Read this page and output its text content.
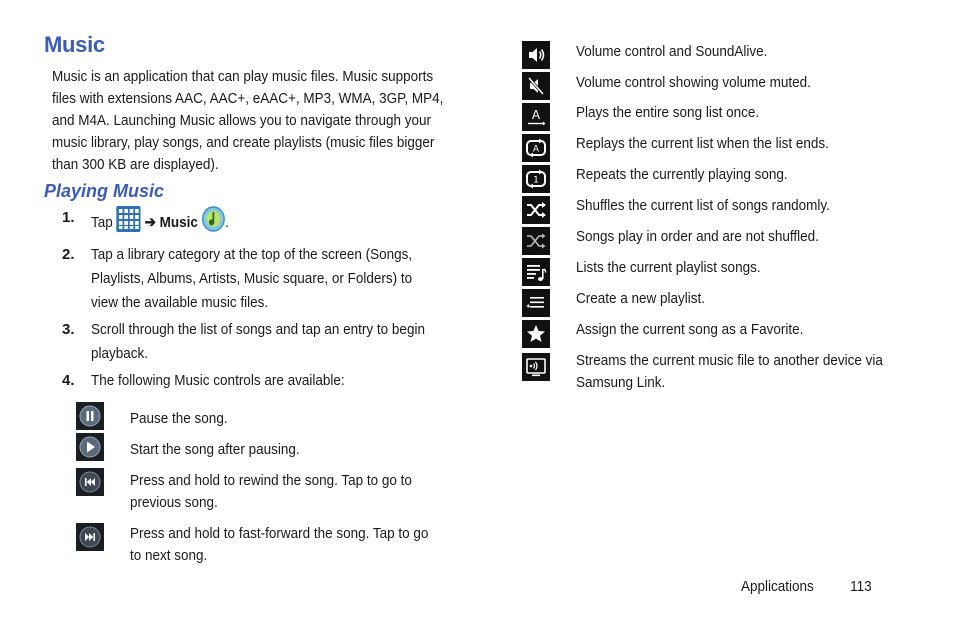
Music
Music is an application that can play music files. Music supports files with extensions AAC, AAC+, eAAC+, MP3, WMA, 3GP, MP4, and M4A. Launching Music allows you to navigate through your music library, play songs, and create playlists (music files bigger than 300 KB are displayed).
Playing Music
1. Tap ➔ Music .
2. Tap a library category at the top of the screen (Songs, Playlists, Albums, Artists, Music square, or Folders) to view the available music files.
3. Scroll through the list of songs and tap an entry to begin playback.
4. The following Music controls are available:
Pause the song.
Start the song after pausing.
Press and hold to rewind the song. Tap to go to previous song.
Press and hold to fast-forward the song. Tap to go to next song.
Volume control and SoundAlive.
Volume control showing volume muted.
A Plays the entire song list once.
A Replays the current list when the list ends.
1 Repeats the currently playing song.
Shuffles the current list of songs randomly.
Songs play in order and are not shuffled.
Lists the current playlist songs.
Create a new playlist.
Assign the current song as a Favorite.
Streams the current music file to another device via Samsung Link.
Applications 113
